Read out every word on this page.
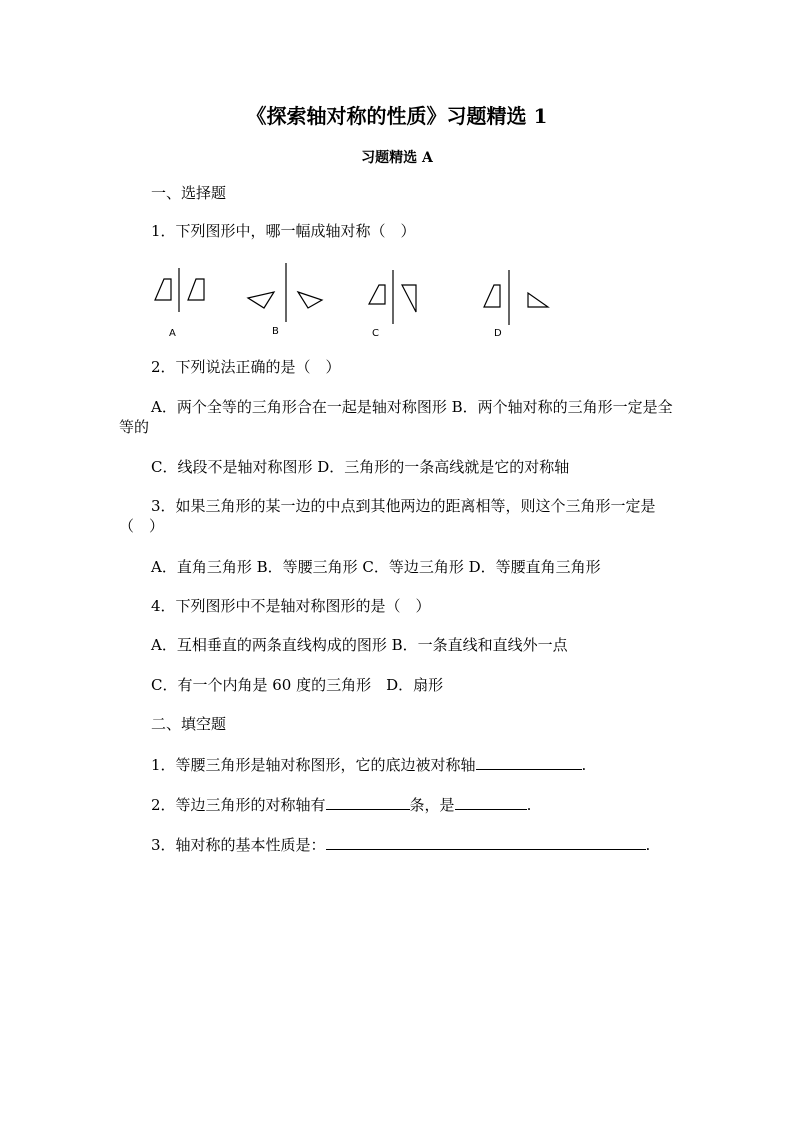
《探索轴对称的性质》习题精选 1
习题精选 A
一、选择题
1．下列图形中，哪一幅成轴对称（　）
A	B	C	D
2．下列说法正确的是（　）
A．两个全等的三角形合在一起是轴对称图形 B．两个轴对称的三角形一定是全等的
C．线段不是轴对称图形 D．三角形的一条高线就是它的对称轴
3．如果三角形的某一边的中点到其他两边的距离相等，则这个三角形一定是（　）
A．直角三角形 B．等腰三角形 C．等边三角形 D．等腰直角三角形
4．下列图形中不是轴对称图形的是（　）
A．互相垂直的两条直线构成的图形 B．一条直线和直线外一点
C．有一个内角是 60 度的三角形　D．扇形
二、填空题
1．等腰三角形是轴对称图形，它的底边被对称轴	.
2．等边三角形的对称轴有	条，是	.
3．轴对称的基本性质是：	.
